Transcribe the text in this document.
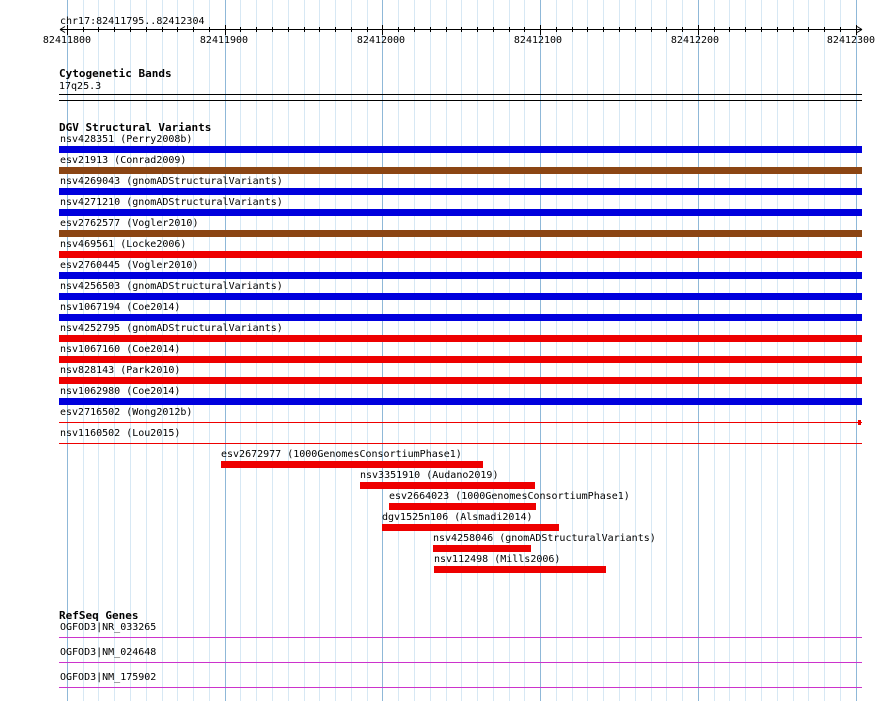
chr17:82411795..82412304
82411800	82411900	82412000	82412100	82412200	82412300
Cytogenetic Bands
17q25.3
DGV Structural Variants
nsv428351 (Perry2008b)
esv21913 (Conrad2009)
nsv4269043 (gnomADStructuralVariants)
nsv4271210 (gnomADStructuralVariants)
esv2762577 (Vogler2010)
nsv469561 (Locke2006)
esv2760445 (Vogler2010)
nsv4256503 (gnomADStructuralVariants)
nsv1067194 (Coe2014)
nsv4252795 (gnomADStructuralVariants)
nsv1067160 (Coe2014)
nsv828143 (Park2010)
nsv1062980 (Coe2014)
esv2716502 (Wong2012b)
nsv1160502 (Lou2015)
esv2672977 (1000GenomesConsortiumPhase1)
nsv3351910 (Audano2019)
esv2664023 (1000GenomesConsortiumPhase1)
dgv1525n106 (Alsmadi2014)
nsv4258046 (gnomADStructuralVariants)
nsv112498 (Mills2006)
RefSeq Genes
OGFOD3|NR_033265
OGFOD3|NM_024648
OGFOD3|NM_175902
